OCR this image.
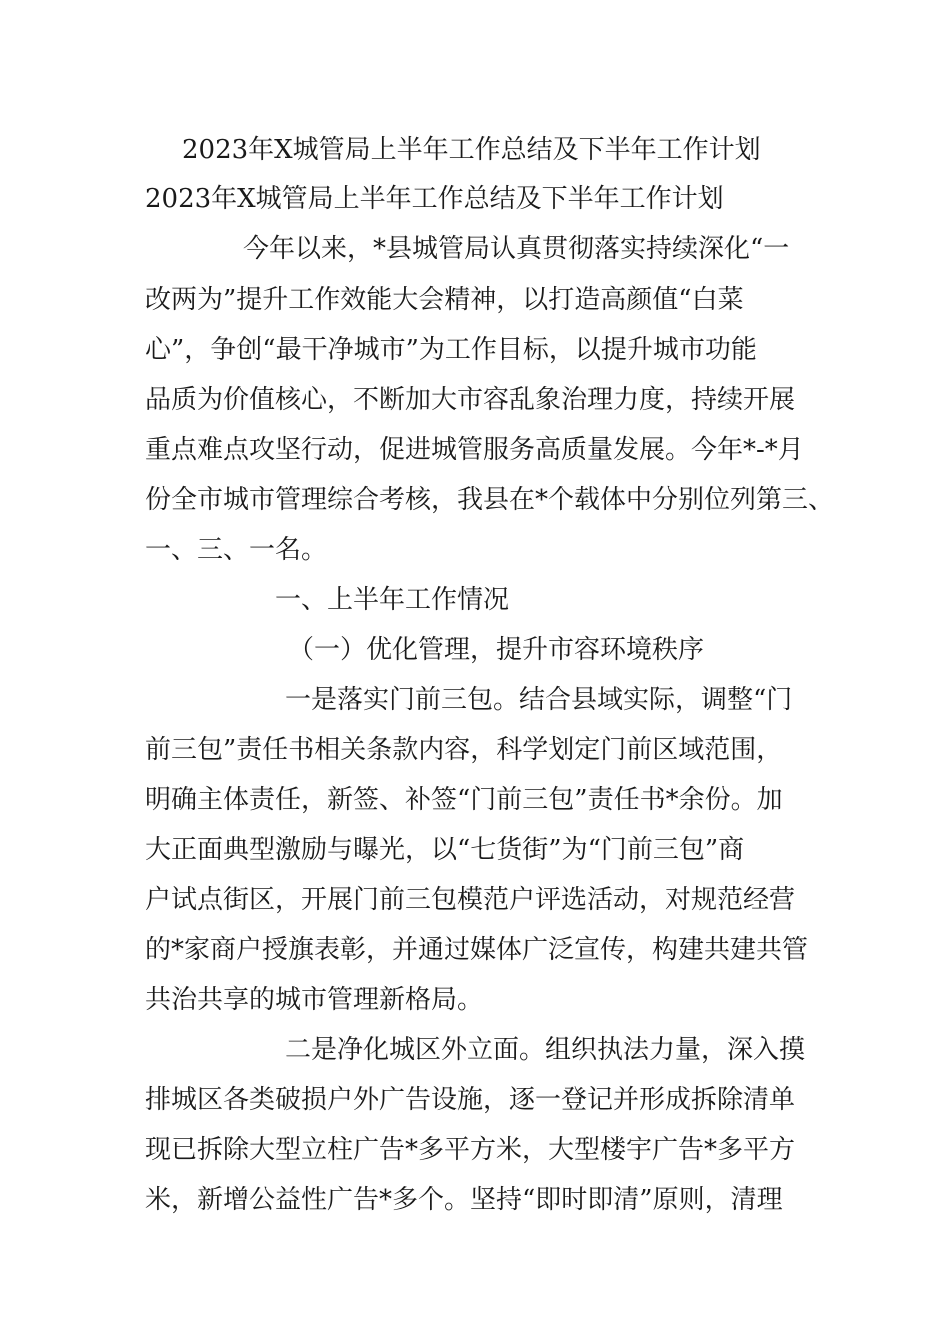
2023年X城管局上半年工作总结及下半年工作计划
2023年X城管局上半年工作总结及下半年工作计划
今年以来，*县城管局认真贯彻落实持续深化“一
改两为”提升工作效能大会精神，以打造高颜值“白菜
心”，争创“最干净城市”为工作目标，以提升城市功能
品质为价值核心，不断加大市容乱象治理力度，持续开展
重点难点攻坚行动，促进城管服务高质量发展。今年*-*月
份全市城市管理综合考核，我县在*个载体中分别位列第三、
一、三、一名。
一、上半年工作情况
（一）优化管理，提升市容环境秩序
一是落实门前三包。结合县域实际，调整“门
前三包”责任书相关条款内容，科学划定门前区域范围，
明确主体责任，新签、补签“门前三包”责任书*余份。加
大正面典型激励与曝光，以“七货街”为“门前三包”商
户试点街区，开展门前三包模范户评选活动，对规范经营
的*家商户授旗表彰，并通过媒体广泛宣传，构建共建共管
共治共享的城市管理新格局。
二是净化城区外立面。组织执法力量，深入摸
排城区各类破损户外广告设施，逐一登记并形成拆除清单
现已拆除大型立柱广告*多平方米，大型楼宇广告*多平方
米，新增公益性广告*多个。坚持“即时即清”原则，清理
